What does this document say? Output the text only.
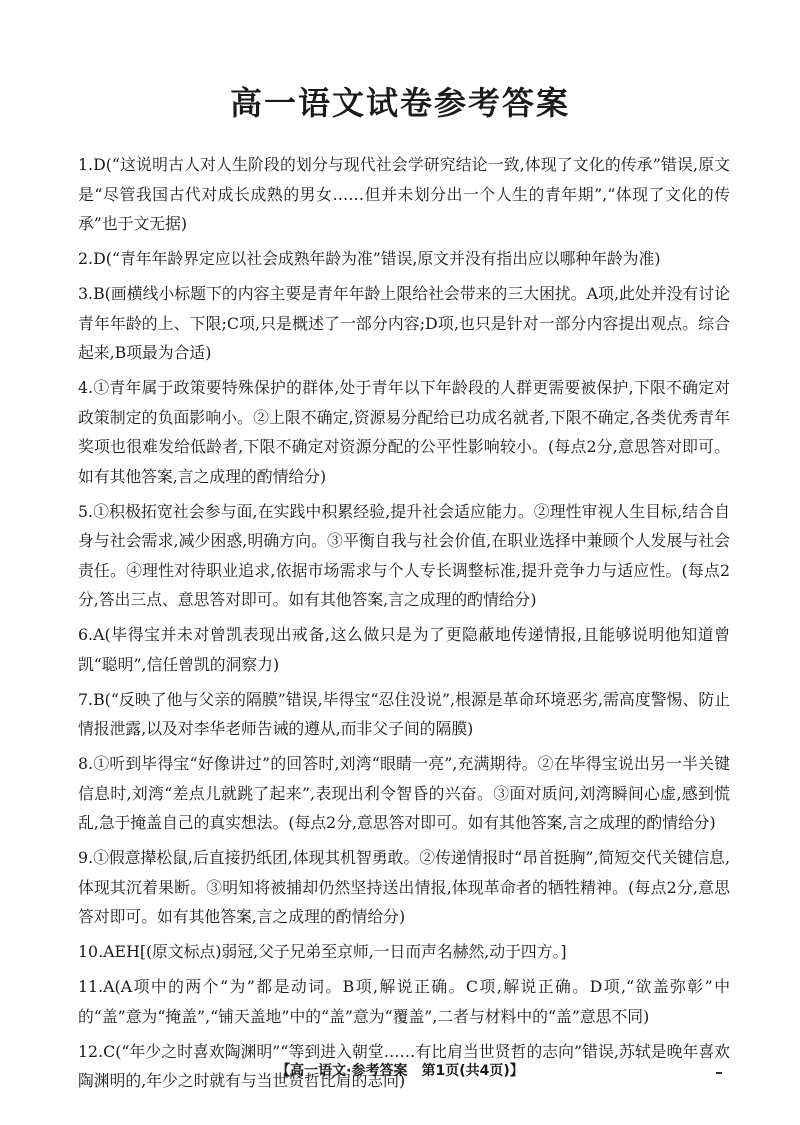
高一语文试卷参考答案
1.D(“这说明古人对人生阶段的划分与现代社会学研究结论一致,体现了文化的传承”错误,原文是“尽管我国古代对成长成熟的男女……但并未划分出一个人生的青年期”,“体现了文化的传承”也于文无据)
2.D(“青年年龄界定应以社会成熟年龄为准”错误,原文并没有指出应以哪种年龄为准)
3.B(画横线小标题下的内容主要是青年年龄上限给社会带来的三大困扰。A项,此处并没有讨论青年年龄的上、下限;C项,只是概述了一部分内容;D项,也只是针对一部分内容提出观点。综合起来,B项最为合适)
4.①青年属于政策要特殊保护的群体,处于青年以下年龄段的人群更需要被保护,下限不确定对政策制定的负面影响小。②上限不确定,资源易分配给已功成名就者,下限不确定,各类优秀青年奖项也很难发给低龄者,下限不确定对资源分配的公平性影响较小。(每点2分,意思答对即可。如有其他答案,言之成理的酌情给分)
5.①积极拓宽社会参与面,在实践中积累经验,提升社会适应能力。②理性审视人生目标,结合自身与社会需求,减少困惑,明确方向。③平衡自我与社会价值,在职业选择中兼顾个人发展与社会责任。④理性对待职业追求,依据市场需求与个人专长调整标准,提升竞争力与适应性。(每点2分,答出三点、意思答对即可。如有其他答案,言之成理的酌情给分)
6.A(毕得宝并未对曾凯表现出戒备,这么做只是为了更隐蔽地传递情报,且能够说明他知道曾凯“聪明”,信任曾凯的洞察力)
7.B(“反映了他与父亲的隔膜”错误,毕得宝“忍住没说”,根源是革命环境恶劣,需高度警惕、防止情报泄露,以及对李华老师告诫的遵从,而非父子间的隔膜)
8.①听到毕得宝“好像讲过”的回答时,刘湾“眼睛一亮”,充满期待。②在毕得宝说出另一半关键信息时,刘湾“差点儿就跳了起来”,表现出利令智昏的兴奋。③面对质问,刘湾瞬间心虚,感到慌乱,急于掩盖自己的真实想法。(每点2分,意思答对即可。如有其他答案,言之成理的酌情给分)
9.①假意撵松鼠,后直接扔纸团,体现其机智勇敢。②传递情报时“昂首挺胸”,简短交代关键信息,体现其沉着果断。③明知将被捕却仍然坚持送出情报,体现革命者的牺牲精神。(每点2分,意思答对即可。如有其他答案,言之成理的酌情给分)
10.AEH[(原文标点)弱冠,父子兄弟至京师,一日而声名赫然,动于四方。]
11.A(A项中的两个“为”都是动词。B项,解说正确。C项,解说正确。D项,“欲盖弥彰”中的“盖”意为“掩盖”,“铺天盖地”中的“盖”意为“覆盖”,二者与材料中的“盖”意思不同)
12.C(“年少之时喜欢陶渊明”“等到进入朝堂……有比肩当世贤哲的志向”错误,苏轼是晚年喜欢陶渊明的,年少之时就有与当世贤哲比肩的志向)
【高一语文·参考答案　第1页(共4页)】
